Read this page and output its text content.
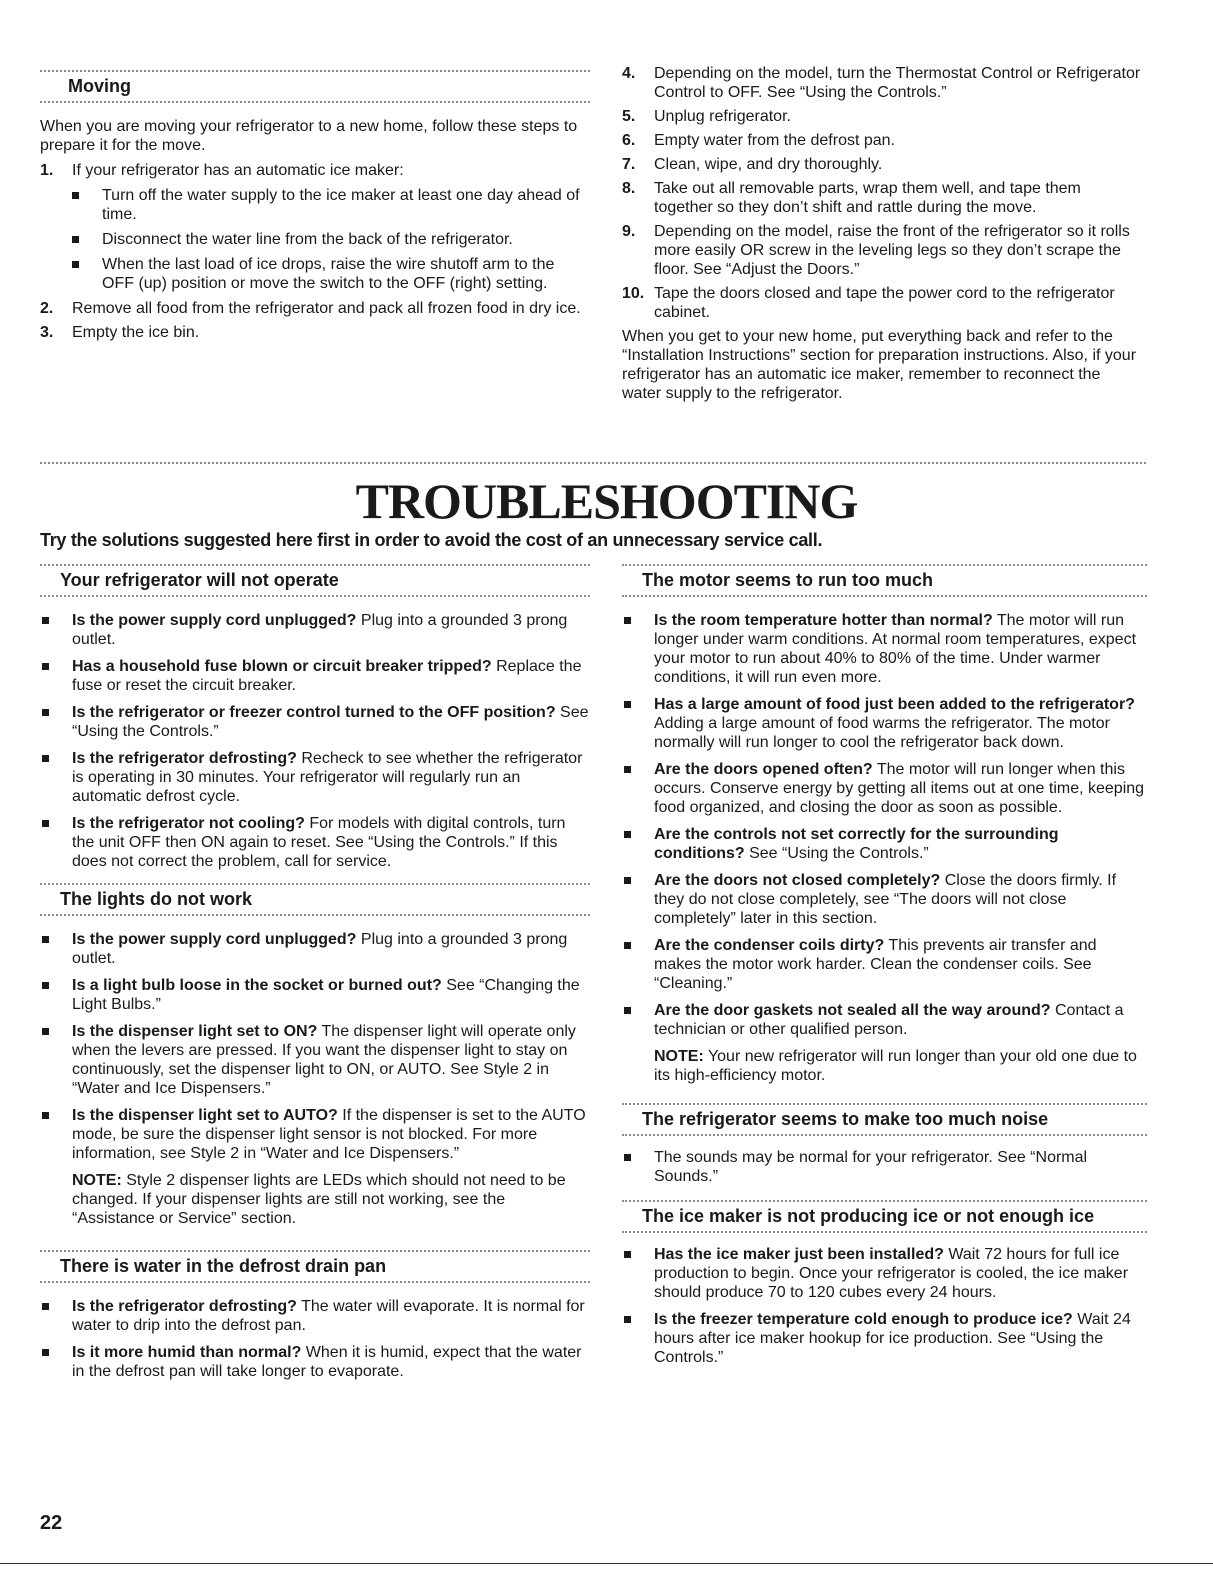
Moving
When you are moving your refrigerator to a new home, follow these steps to prepare it for the move.
1. If your refrigerator has an automatic ice maker:
Turn off the water supply to the ice maker at least one day ahead of time.
Disconnect the water line from the back of the refrigerator.
When the last load of ice drops, raise the wire shutoff arm to the OFF (up) position or move the switch to the OFF (right) setting.
2. Remove all food from the refrigerator and pack all frozen food in dry ice.
3. Empty the ice bin.
4. Depending on the model, turn the Thermostat Control or Refrigerator Control to OFF. See “Using the Controls.”
5. Unplug refrigerator.
6. Empty water from the defrost pan.
7. Clean, wipe, and dry thoroughly.
8. Take out all removable parts, wrap them well, and tape them together so they don’t shift and rattle during the move.
9. Depending on the model, raise the front of the refrigerator so it rolls more easily OR screw in the leveling legs so they don’t scrape the floor. See “Adjust the Doors.”
10. Tape the doors closed and tape the power cord to the refrigerator cabinet.
When you get to your new home, put everything back and refer to the “Installation Instructions” section for preparation instructions. Also, if your refrigerator has an automatic ice maker, remember to reconnect the water supply to the refrigerator.
TROUBLESHOOTING
Try the solutions suggested here first in order to avoid the cost of an unnecessary service call.
Your refrigerator will not operate
Is the power supply cord unplugged? Plug into a grounded 3 prong outlet.
Has a household fuse blown or circuit breaker tripped? Replace the fuse or reset the circuit breaker.
Is the refrigerator or freezer control turned to the OFF position? See “Using the Controls.”
Is the refrigerator defrosting? Recheck to see whether the refrigerator is operating in 30 minutes. Your refrigerator will regularly run an automatic defrost cycle.
Is the refrigerator not cooling? For models with digital controls, turn the unit OFF then ON again to reset. See “Using the Controls.” If this does not correct the problem, call for service.
The lights do not work
Is the power supply cord unplugged? Plug into a grounded 3 prong outlet.
Is a light bulb loose in the socket or burned out? See “Changing the Light Bulbs.”
Is the dispenser light set to ON? The dispenser light will operate only when the levers are pressed. If you want the dispenser light to stay on continuously, set the dispenser light to ON, or AUTO. See Style 2 in “Water and Ice Dispensers.”
Is the dispenser light set to AUTO? If the dispenser is set to the AUTO mode, be sure the dispenser light sensor is not blocked. For more information, see Style 2 in “Water and Ice Dispensers.”
NOTE: Style 2 dispenser lights are LEDs which should not need to be changed. If your dispenser lights are still not working, see the “Assistance or Service” section.
There is water in the defrost drain pan
Is the refrigerator defrosting? The water will evaporate. It is normal for water to drip into the defrost pan.
Is it more humid than normal? When it is humid, expect that the water in the defrost pan will take longer to evaporate.
The motor seems to run too much
Is the room temperature hotter than normal? The motor will run longer under warm conditions. At normal room temperatures, expect your motor to run about 40% to 80% of the time. Under warmer conditions, it will run even more.
Has a large amount of food just been added to the refrigerator? Adding a large amount of food warms the refrigerator. The motor normally will run longer to cool the refrigerator back down.
Are the doors opened often? The motor will run longer when this occurs. Conserve energy by getting all items out at one time, keeping food organized, and closing the door as soon as possible.
Are the controls not set correctly for the surrounding conditions? See “Using the Controls.”
Are the doors not closed completely? Close the doors firmly. If they do not close completely, see “The doors will not close completely” later in this section.
Are the condenser coils dirty? This prevents air transfer and makes the motor work harder. Clean the condenser coils. See “Cleaning.”
Are the door gaskets not sealed all the way around? Contact a technician or other qualified person.
NOTE: Your new refrigerator will run longer than your old one due to its high-efficiency motor.
The refrigerator seems to make too much noise
The sounds may be normal for your refrigerator. See “Normal Sounds.”
The ice maker is not producing ice or not enough ice
Has the ice maker just been installed? Wait 72 hours for full ice production to begin. Once your refrigerator is cooled, the ice maker should produce 70 to 120 cubes every 24 hours.
Is the freezer temperature cold enough to produce ice? Wait 24 hours after ice maker hookup for ice production. See “Using the Controls.”
22
